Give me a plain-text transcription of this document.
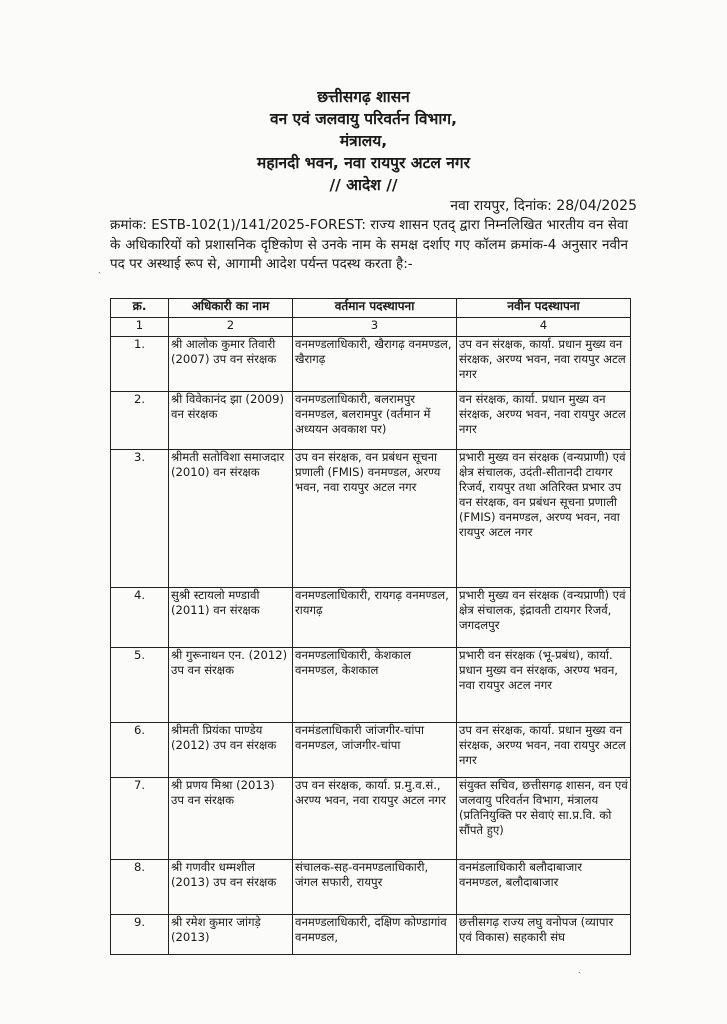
छत्तीसगढ़ शासन
वन एवं जलवायु परिवर्तन विभाग,
मंत्रालय,
महानदी भवन, नवा रायपुर अटल नगर
// आदेश //
नवा रायपुर, दिनांक: 28/04/2025
क्रमांक: ESTB-102(1)/141/2025-FOREST: राज्य शासन एतद् द्वारा निम्नलिखित भारतीय वन सेवा के अधिकारियों को प्रशासनिक दृष्टिकोण से उनके नाम के समक्ष दर्शाए गए कॉलम क्रमांक-4 अनुसार नवीन पद पर अस्थाई रूप से, आगामी आदेश पर्यन्त पदस्थ करता है:-
क्र.	अधिकारी का नाम	वर्तमान पदस्थापना	नवीन पदस्थापना
1	2	3	4
1.	श्री आलोक कुमार तिवारी (2007) उप वन संरक्षक	वनमण्डलाधिकारी, खैरागढ़ वनमण्डल, खैरागढ़	उप वन संरक्षक, कार्या. प्रधान मुख्य वन संरक्षक, अरण्य भवन, नवा रायपुर अटल नगर
2.	श्री विवेकानंद झा (2009) वन संरक्षक	वनमण्डलाधिकारी, बलरामपुर वनमण्डल, बलरामपुर (वर्तमान में अध्ययन अवकाश पर)	वन संरक्षक, कार्या. प्रधान मुख्य वन संरक्षक, अरण्य भवन, नवा रायपुर अटल नगर
3.	श्रीमती सतोविशा समाजदार (2010) वन संरक्षक	उप वन संरक्षक, वन प्रबंधन सूचना प्रणाली (FMIS) वनमण्डल, अरण्य भवन, नवा रायपुर अटल नगर	प्रभारी मुख्य वन संरक्षक (वन्यप्राणी) एवं क्षेत्र संचालक, उदंती-सीतानदी टायगर रिजर्व, रायपुर तथा अतिरिक्त प्रभार उप वन संरक्षक, वन प्रबंधन सूचना प्रणाली (FMIS) वनमण्डल, अरण्य भवन, नवा रायपुर अटल नगर
4.	सुश्री स्टायलो मण्डावी (2011) वन संरक्षक	वनमण्डलाधिकारी, रायगढ़ वनमण्डल, रायगढ़	प्रभारी मुख्य वन संरक्षक (वन्यप्राणी) एवं क्षेत्र संचालक, इंद्रावती टायगर रिजर्व, जगदलपुर
5.	श्री गुरूनाथन एन. (2012) उप वन संरक्षक	वनमण्डलाधिकारी, केशकाल वनमण्डल, केशकाल	प्रभारी वन संरक्षक (भू-प्रबंध), कार्या. प्रधान मुख्य वन संरक्षक, अरण्य भवन, नवा रायपुर अटल नगर
6.	श्रीमती प्रियंका पाण्डेय (2012) उप वन संरक्षक	वनमंडलाधिकारी जांजगीर-चांपा वनमण्डल, जांजगीर-चांपा	उप वन संरक्षक, कार्या. प्रधान मुख्य वन संरक्षक, अरण्य भवन, नवा रायपुर अटल नगर
7.	श्री प्रणय मिश्रा (2013) उप वन संरक्षक	उप वन संरक्षक, कार्या. प्र.मु.व.सं., अरण्य भवन, नवा रायपुर अटल नगर	संयुक्त सचिव, छत्तीसगढ़ शासन, वन एवं जलवायु परिवर्तन विभाग, मंत्रालय (प्रतिनियुक्ति पर सेवाएं सा.प्र.वि. को सौंपते हुए)
8.	श्री गणवीर धम्मशील (2013) उप वन संरक्षक	संचालक-सह-वनमण्डलाधिकारी, जंगल सफारी, रायपुर	वनमंडलाधिकारी बलौदाबाजार वनमण्डल, बलौदाबाजार
9.	श्री रमेश कुमार जांगड़े (2013)	वनमण्डलाधिकारी, दक्षिण कोण्डागांव वनमण्डल,	छत्तीसगढ़ राज्य लघु वनोपज (व्यापार एवं विकास) सहकारी संघ
ˎ
ˎ
